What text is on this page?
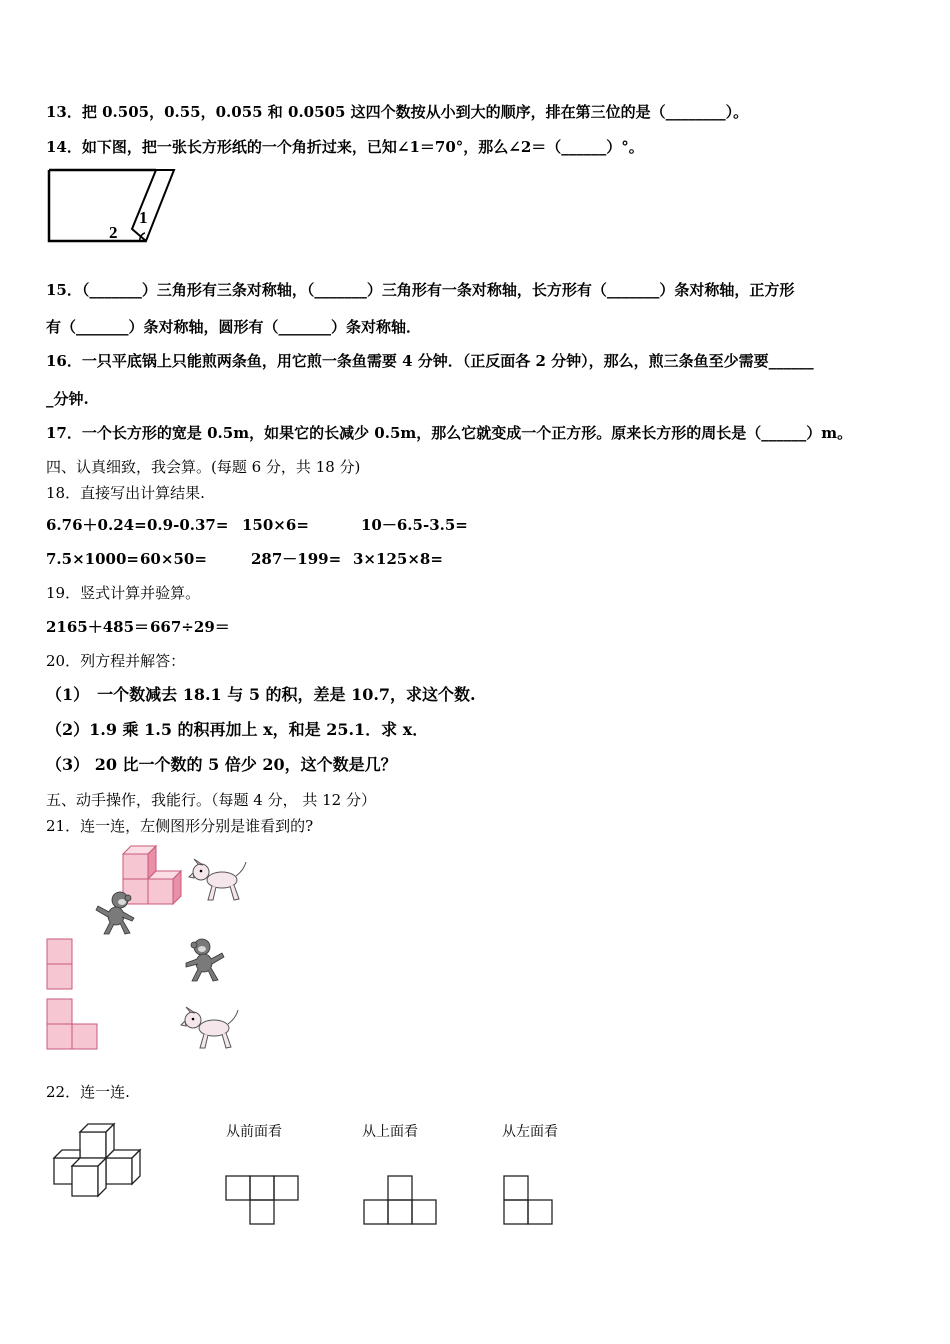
13．把 0.505，0.55，0.055 和 0.0505 这四个数按从小到大的顺序，排在第三位的是（________）。
14．如下图，把一张长方形纸的一个角折过来，已知∠1＝70°，那么∠2＝（______）°。
1
2
15．（_______）三角形有三条对称轴，（_______）三角形有一条对称轴，长方形有（_______）条对称轴，正方形
有（_______）条对称轴，圆形有（_______）条对称轴．
16．一只平底锅上只能煎两条鱼，用它煎一条鱼需要 4 分钟．（正反面各 2 分钟），那么，煎三条鱼至少需要______
_分钟.
17．一个长方形的宽是 0.5m，如果它的长减少 0.5m，那么它就变成一个正方形。原来长方形的周长是（______）m。
四、认真细致，我会算。(每题 6 分，共 18 分)
18．直接写出计算结果.
6.76＋0.24= 0.9-0.37= 150×6=	10－6.5-3.5=
7.5×1000= 60×50=	287－199= 3×125×8=
19．竖式计算并验算。
2165＋485＝ 667÷29＝
20．列方程并解答：
（1）　一个数减去 18.1 与 5 的积，差是 10.7，求这个数.
（2）1.9 乘 1.5 的积再加上 x，和是 25.1．求 x．
（3） 20 比一个数的 5 倍少 20，这个数是几？
五、动手操作，我能行。（每题 4 分， 共 12 分）
21．连一连，左侧图形分别是谁看到的?
22．连一连.
从前面看	从上面看	从左面看
